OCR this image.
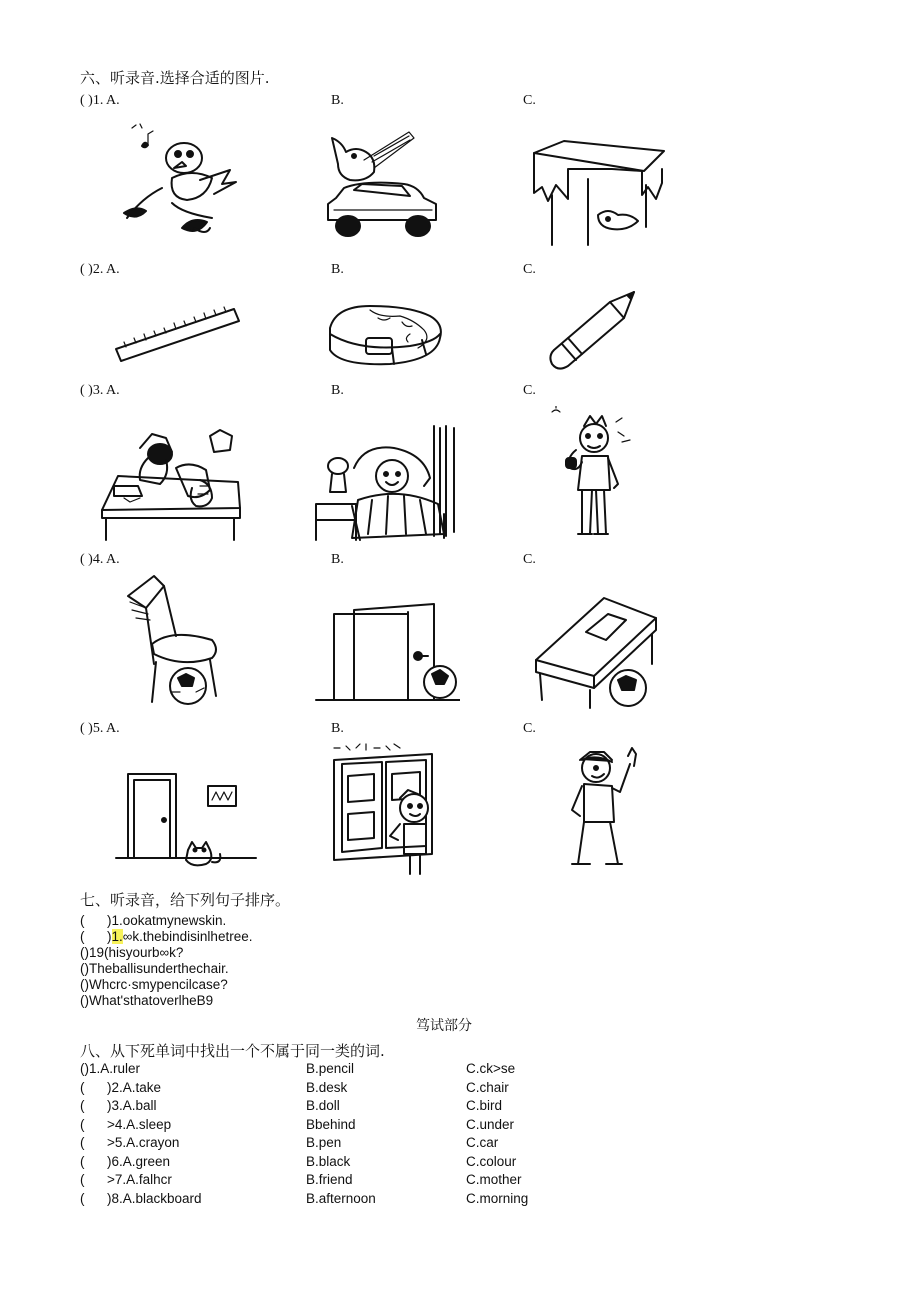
六、听录音.选择合适的图片.
( )1. A.	B.	C.
( )2. A.	B.	C.
( )3. A.	B.	C.
( )4. A.	B.	C.
( )5. A.	B.	C.
七、听录音，给下列句子排序。
(      )1.ookatmynewskin.
(      )1.∞k.thebindisinlhetree.
()19(hisyourb∞k?
()Theballisunderthechair.
()Whcrc·smypencilcase?
()What'sthatoverlheB9
笃试部分
八、从下死单词中找出一个不属于同一类的词.
()1.A.ruler	B.pencil	C.ck>se
(      )2.A.take	B.desk	C.chair
(      )3.A.ball	B.doll	C.bird
(      >4.A.sleep	Bbehind	C.under
(      >5.A.crayon	B.pen	C.car
(      )6.A.green	B.black	C.colour
(      >7.A.falhcr	B.friend	C.mother
(      )8.A.blackboard	B.afternoon	C.morning
